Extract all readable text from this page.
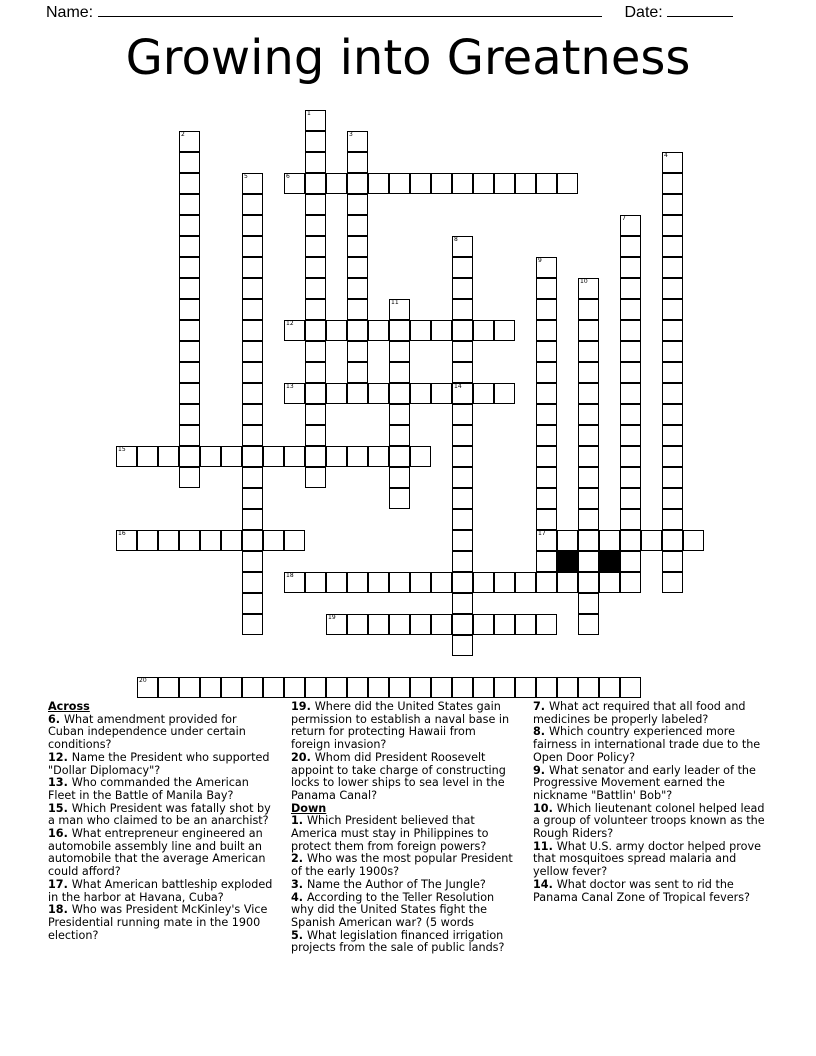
Name:	Date:
Growing into Greatness
1
2	3
4
5	6
7
8
14
9
17
10
11
12
13
15
16
18
19
20
Across
6. What amendment provided for Cuban independence under certain conditions?
12. Name the President who supported "Dollar Diplomacy"?
13. Who commanded the American Fleet in the Battle of Manila Bay?
15. Which President was fatally shot by a man who claimed to be an anarchist?
16. What entrepreneur engineered an automobile assembly line and built an automobile that the average American could afford?
17. What American battleship exploded in the harbor at Havana, Cuba?
18. Who was President McKinley's Vice Presidential running mate in the 1900 election?
19. Where did the United States gain permission to establish a naval base in return for protecting Hawaii from foreign invasion?
20. Whom did President Roosevelt appoint to take charge of constructing locks to lower ships to sea level in the Panama Canal?
Down
1. Which President believed that America must stay in Philippines to protect them from foreign powers?
2. Who was the most popular President of the early 1900s?
3. Name the Author of The Jungle?
4. According to the Teller Resolution why did the United States fight the Spanish American war? (5 words
5. What legislation financed irrigation projects from the sale of public lands?
7. What act required that all food and medicines be properly labeled?
8. Which country experienced more fairness in international trade due to the Open Door Policy?
9. What senator and early leader of the Progressive Movement earned the nickname "Battlin' Bob"?
10. Which lieutenant colonel helped lead a group of volunteer troops known as the Rough Riders?
11. What U.S. army doctor helped prove that mosquitoes spread malaria and yellow fever?
14. What doctor was sent to rid the Panama Canal Zone of Tropical fevers?
